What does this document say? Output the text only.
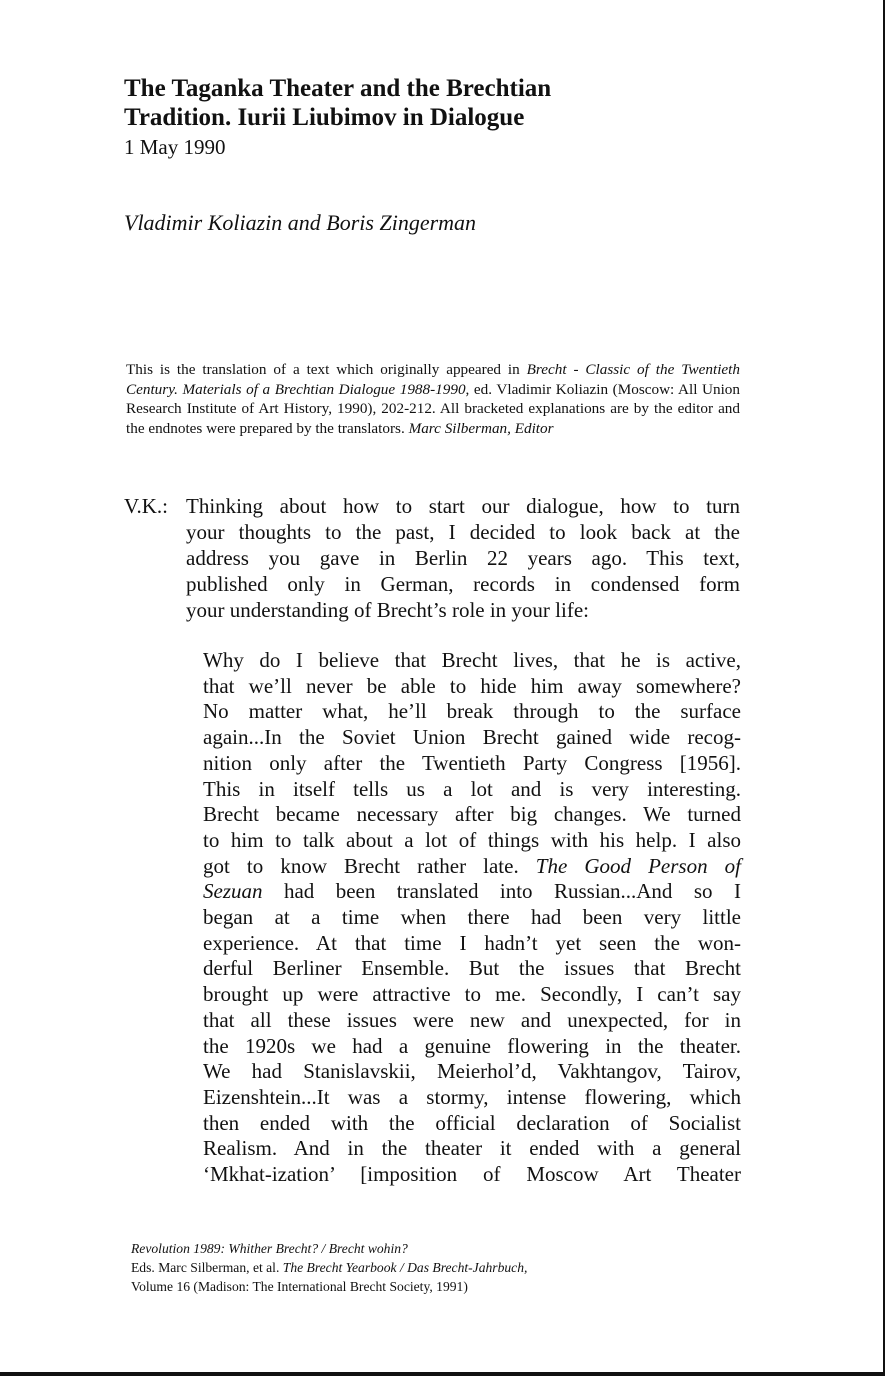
The Taganka Theater and the Brechtian
Tradition. Iurii Liubimov in Dialogue
1 May 1990
Vladimir Koliazin and Boris Zingerman
This is the translation of a text which originally appeared in Brecht - Classic of the Twentieth Century. Materials of a Brechtian Dialogue 1988-1990, ed. Vladimir Koliazin (Moscow: All Union Research Institute of Art History, 1990), 202-212. All bracketed explanations are by the editor and the endnotes were prepared by the translators. Marc Silberman, Editor
V.K.: Thinking about how to start our dialogue, how to turn
your thoughts to the past, I decided to look back at the
address you gave in Berlin 22 years ago. This text,
published only in German, records in condensed form
your understanding of Brecht’s role in your life:
Why do I believe that Brecht lives, that he is active,
that we’ll never be able to hide him away somewhere?
No matter what, he’ll break through to the surface
again...In the Soviet Union Brecht gained wide recog-
nition only after the Twentieth Party Congress [1956].
This in itself tells us a lot and is very interesting.
Brecht became necessary after big changes. We turned
to him to talk about a lot of things with his help. I also
got to know Brecht rather late. The Good Person of
Sezuan had been translated into Russian...And so I
began at a time when there had been very little
experience. At that time I hadn’t yet seen the won-
derful Berliner Ensemble. But the issues that Brecht
brought up were attractive to me. Secondly, I can’t say
that all these issues were new and unexpected, for in
the 1920s we had a genuine flowering in the theater.
We had Stanislavskii, Meierhol’d, Vakhtangov, Tairov,
Eizenshtein...It was a stormy, intense flowering, which
then ended with the official declaration of Socialist
Realism. And in the theater it ended with a general
‘Mkhat-ization’ [imposition of Moscow Art Theater
Revolution 1989: Whither Brecht? / Brecht wohin?
Eds. Marc Silberman, et al. The Brecht Yearbook / Das Brecht-Jahrbuch,
Volume 16 (Madison: The International Brecht Society, 1991)
